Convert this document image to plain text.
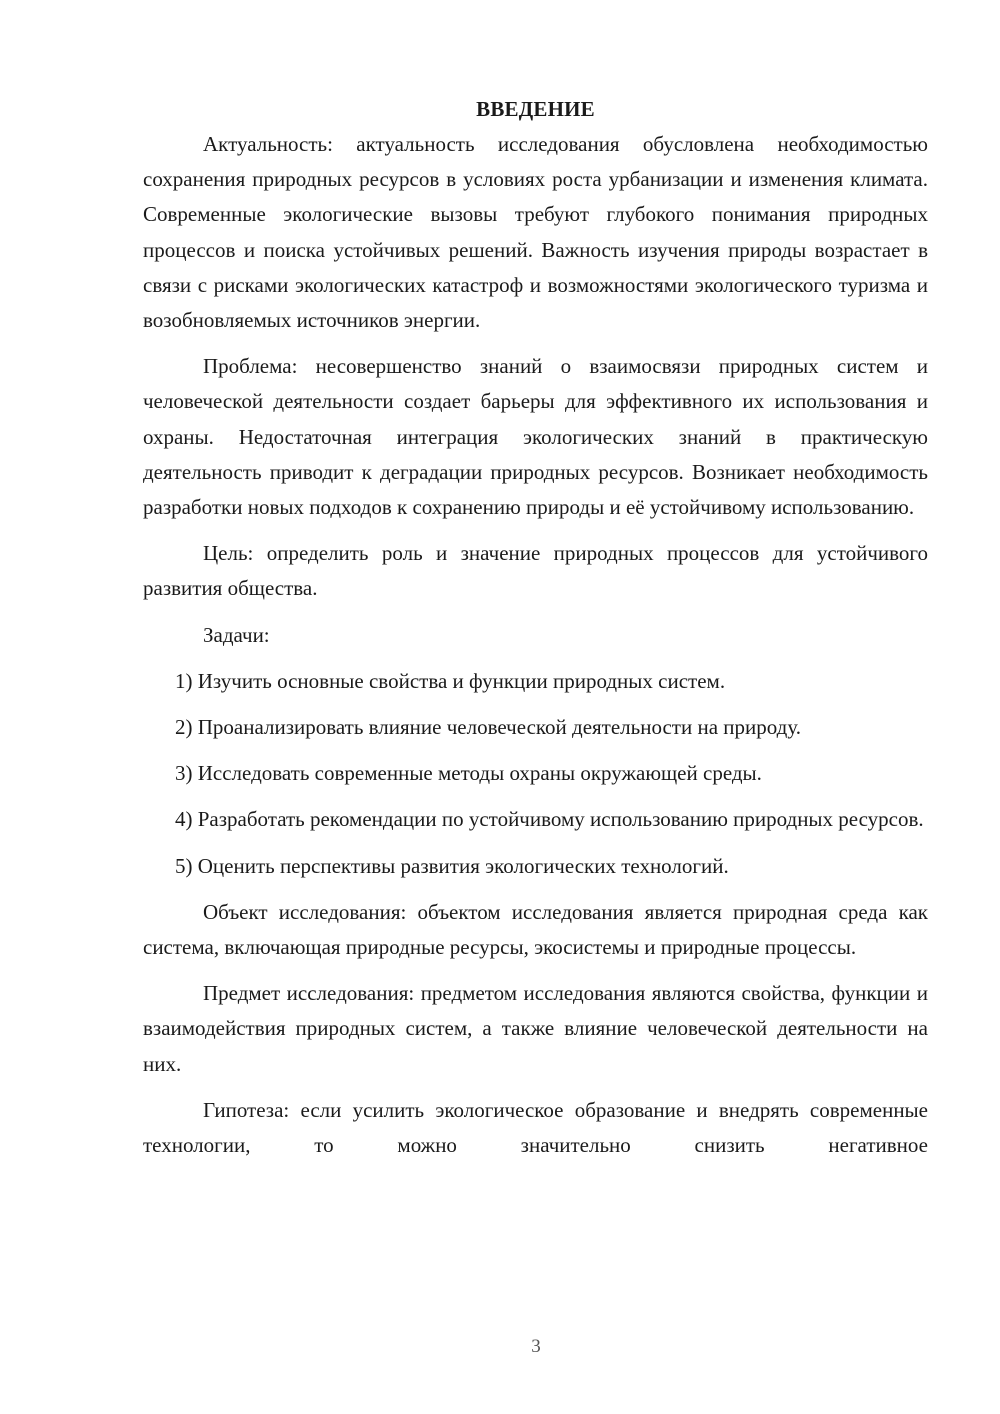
ВВЕДЕНИЕ

Актуальность: актуальность исследования обусловлена необходимостью сохранения природных ресурсов в условиях роста урбанизации и изменения климата. Современные экологические вызовы требуют глубокого понимания природных процессов и поиска устойчивых решений. Важность изучения природы возрастает в связи с рисками экологических катастроф и возможностями экологического туризма и возобновляемых источников энергии.

Проблема: несовершенство знаний о взаимосвязи природных систем и человеческой деятельности создает барьеры для эффективного их использования и охраны. Недостаточная интеграция экологических знаний в практическую деятельность приводит к деградации природных ресурсов. Возникает необходимость разработки новых подходов к сохранению природы и её устойчивому использованию.

Цель: определить роль и значение природных процессов для устойчивого развития общества.

Задачи:

1) Изучить основные свойства и функции природных систем.

2) Проанализировать влияние человеческой деятельности на природу.

3) Исследовать современные методы охраны окружающей среды.

4) Разработать рекомендации по устойчивому использованию природных ресурсов.

5) Оценить перспективы развития экологических технологий.

Объект исследования: объектом исследования является природная среда как система, включающая природные ресурсы, экосистемы и природные процессы.

Предмет исследования: предметом исследования являются свойства, функции и взаимодействия природных систем, а также влияние человеческой деятельности на них.

Гипотеза: если усилить экологическое образование и внедрять современные технологии, то можно значительно снизить негативное

3
